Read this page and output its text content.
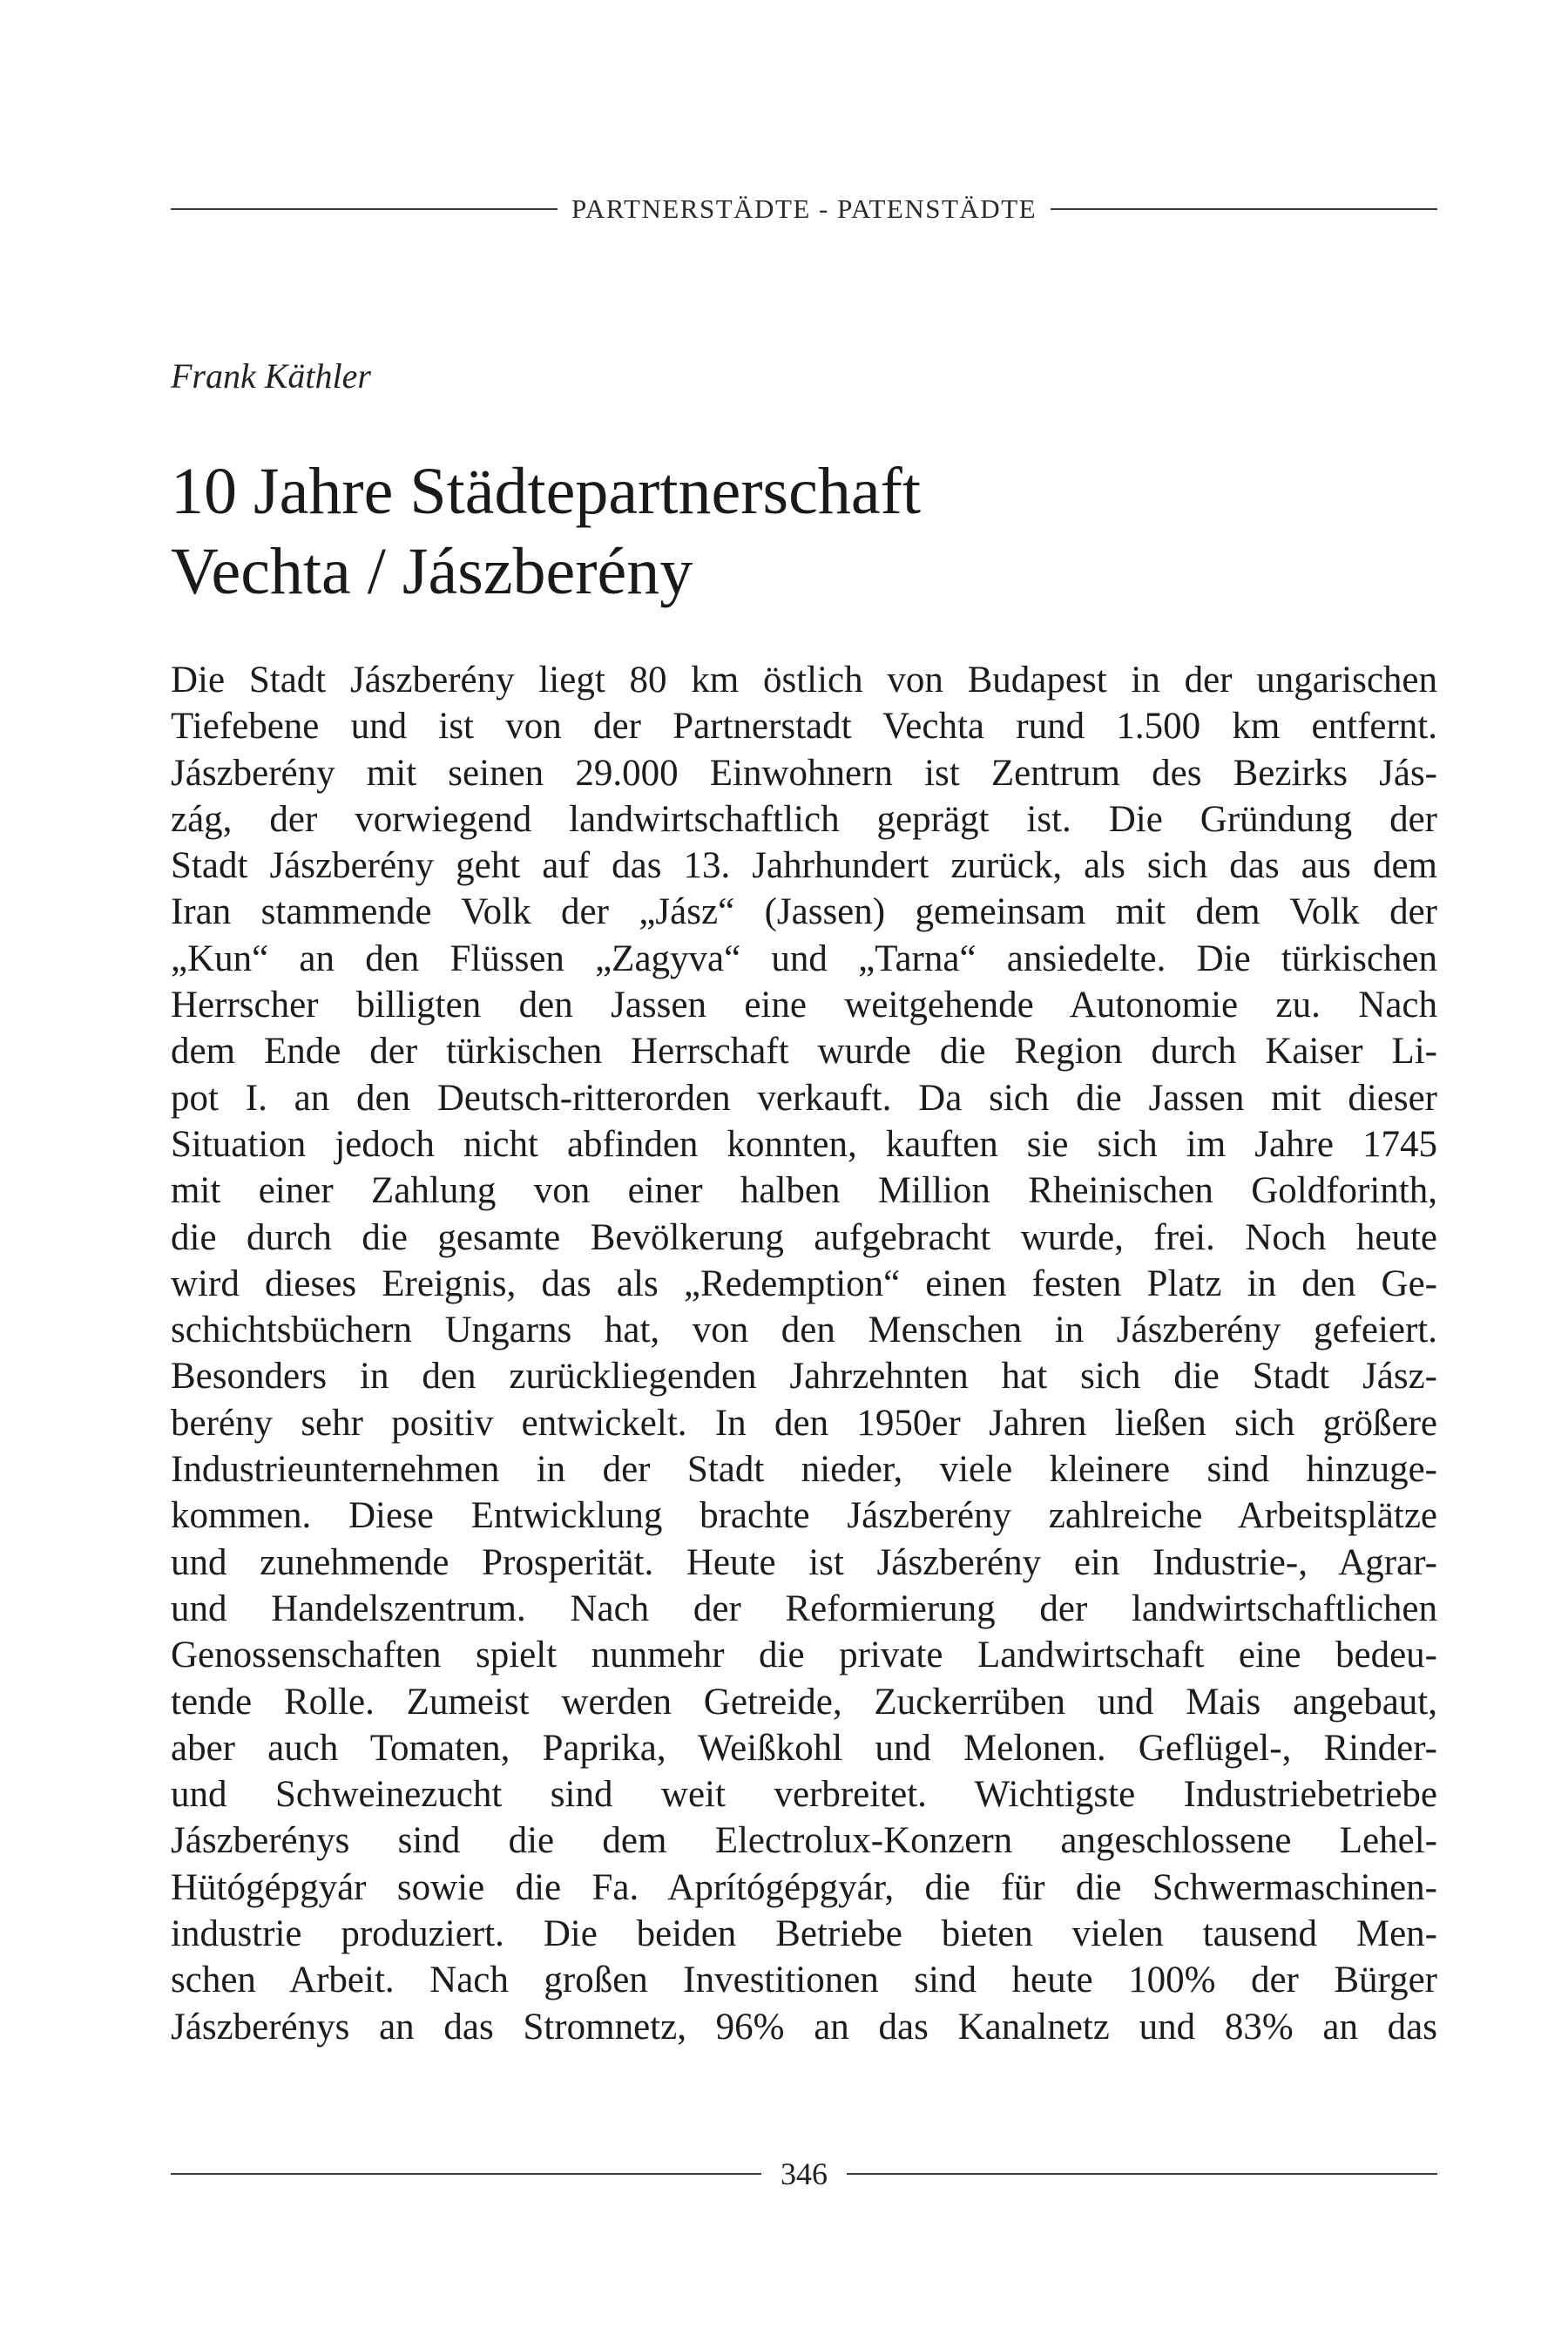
PARTNERSTÄDTE - PATENSTÄDTE
Frank Käthler
10 Jahre Städtepartnerschaft
Vechta / Jászberény
Die Stadt Jászberény liegt 80 km östlich von Budapest in der ungarischen
Tiefebene und ist von der Partnerstadt Vechta rund 1.500 km entfernt.
Jászberény mit seinen 29.000 Einwohnern ist Zentrum des Bezirks Jás-
zág, der vorwiegend landwirtschaftlich geprägt ist. Die Gründung der
Stadt Jászberény geht auf das 13. Jahrhundert zurück, als sich das aus dem
Iran stammende Volk der „Jász“ (Jassen) gemeinsam mit dem Volk der
„Kun“ an den Flüssen „Zagyva“ und „Tarna“ ansiedelte. Die türkischen
Herrscher billigten den Jassen eine weitgehende Autonomie zu. Nach
dem Ende der türkischen Herrschaft wurde die Region durch Kaiser Li-
pot I. an den Deutsch-ritterorden verkauft. Da sich die Jassen mit dieser
Situation jedoch nicht abfinden konnten, kauften sie sich im Jahre 1745
mit einer Zahlung von einer halben Million Rheinischen Goldforinth,
die durch die gesamte Bevölkerung aufgebracht wurde, frei. Noch heute
wird dieses Ereignis, das als „Redemption“ einen festen Platz in den Ge-
schichtsbüchern Ungarns hat, von den Menschen in Jászberény gefeiert.
Besonders in den zurückliegenden Jahrzehnten hat sich die Stadt Jász-
berény sehr positiv entwickelt. In den 1950er Jahren ließen sich größere
Industrieunternehmen in der Stadt nieder, viele kleinere sind hinzuge-
kommen. Diese Entwicklung brachte Jászberény zahlreiche Arbeitsplätze
und zunehmende Prosperität. Heute ist Jászberény ein Industrie-, Agrar-
und Handelszentrum. Nach der Reformierung der landwirtschaftlichen
Genossenschaften spielt nunmehr die private Landwirtschaft eine bedeu-
tende Rolle. Zumeist werden Getreide, Zuckerrüben und Mais angebaut,
aber auch Tomaten, Paprika, Weißkohl und Melonen. Geflügel-, Rinder-
und Schweinezucht sind weit verbreitet. Wichtigste Industriebetriebe
Jászberénys sind die dem Electrolux-Konzern angeschlossene Lehel-
Hütógépgyár sowie die Fa. Aprítógépgyár, die für die Schwermaschinen-
industrie produziert. Die beiden Betriebe bieten vielen tausend Men-
schen Arbeit. Nach großen Investitionen sind heute 100% der Bürger
Jászberénys an das Stromnetz, 96% an das Kanalnetz und 83% an das
346
